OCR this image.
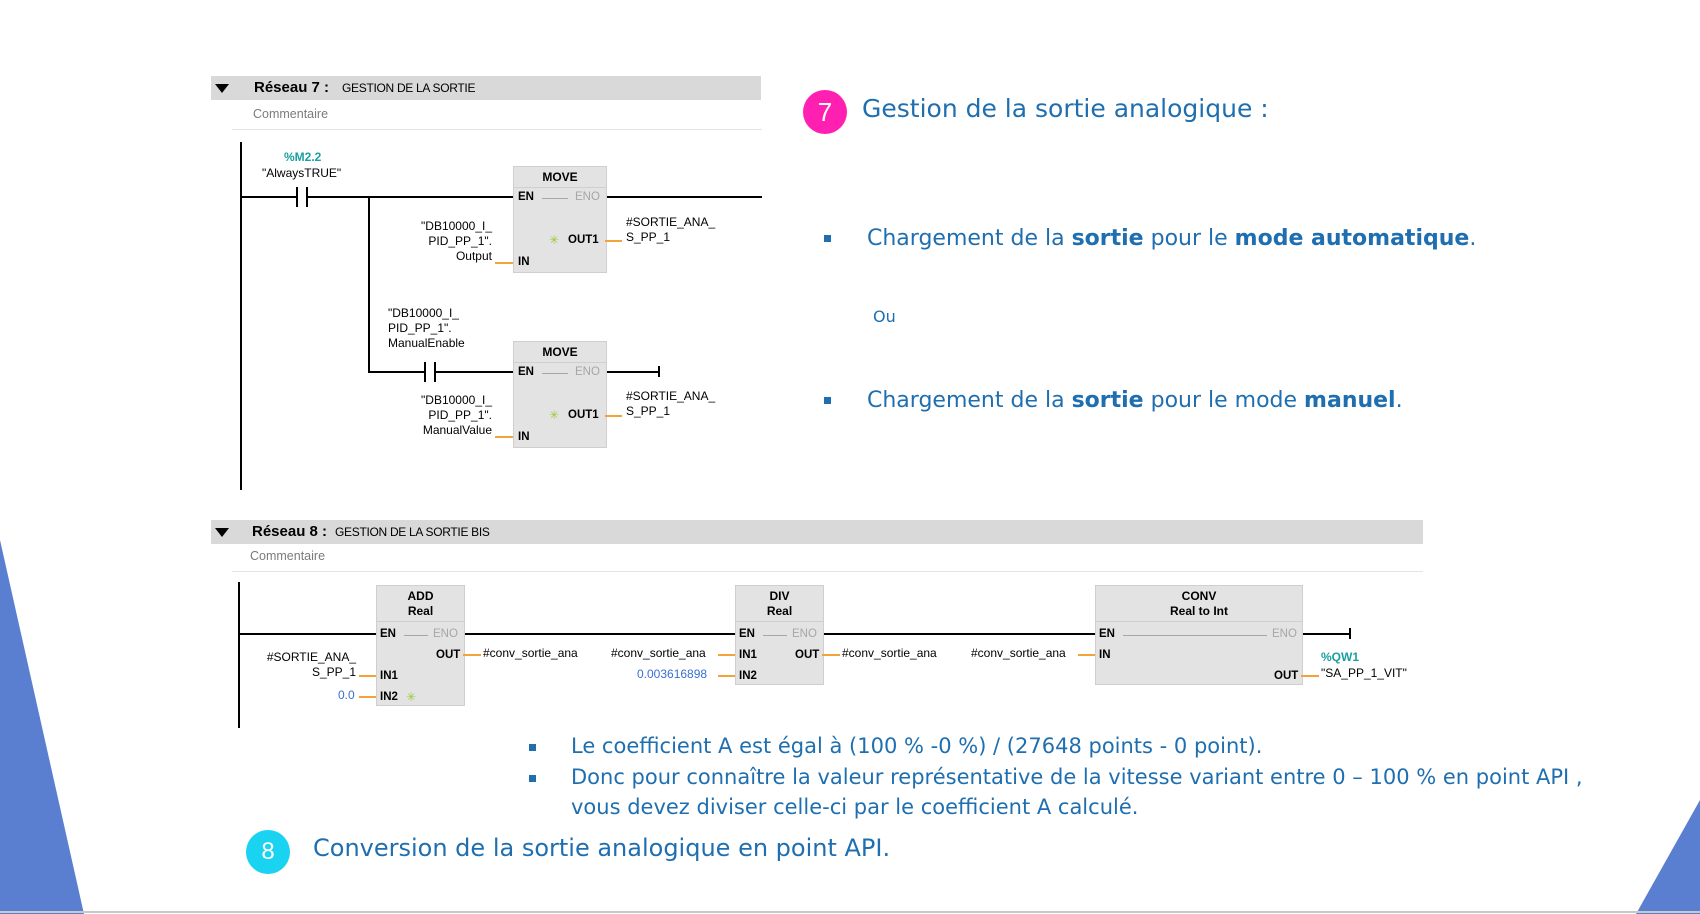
Réseau 7 : GESTION DE LA SORTIE
Commentaire
%M2.2
"AlwaysTRUE"	MOVE
EN	ENO
✳ OUT1
IN
"DB10000_I_
PID_PP_1".
Output
#SORTIE_ANA_
S_PP_1
"DB10000_I_
PID_PP_1".
ManualEnable
MOVE
EN	ENO
✳ OUT1
IN
"DB10000_I_
PID_PP_1".
ManualValue
#SORTIE_ANA_
S_PP_1
7	Gestion de la sortie analogique :
Chargement de la sortie pour le mode automatique.
Ou
Chargement de la sortie pour le mode manuel.
Réseau 8 : GESTION DE LA SORTIE BIS
Commentaire
ADD
Real
EN	ENO
OUT
IN1
IN2 ✳
#SORTIE_ANA_
S_PP_1
0.0
#conv_sortie_ana
DIV
Real
EN	ENO
IN1	OUT
IN2
#conv_sortie_ana
0.003616898
#conv_sortie_ana
CONV
Real to Int
EN	ENO
IN
OUT
#conv_sortie_ana	%QW1
"SA_PP_1_VIT"
Le coefficient A est égal à (100 % -0 %) / (27648 points - 0 point).
Donc pour connaître la valeur représentative de la vitesse variant entre 0 – 100 % en point API ,
vous devez diviser celle-ci par le coefficient A calculé.
8	Conversion de la sortie analogique en point API.
